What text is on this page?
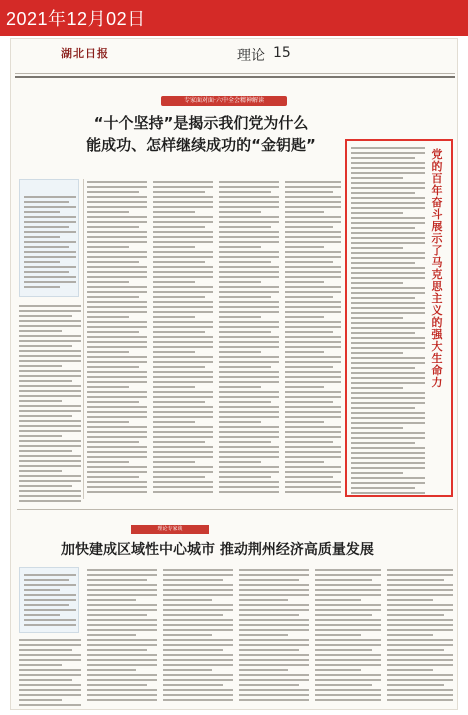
2021年12月02日
湖北日报	理论 15
专家面对面·六中全会精神解读
“十个坚持”是揭示我们党为什么
能成功、怎样继续成功的“金钥匙”
党
的
百
年
奋
斗
展
示
了
马
克
思
主
义
的
强
大
生
命
力
理论专家谈
加快建成区域性中心城市 推动荆州经济高质量发展
